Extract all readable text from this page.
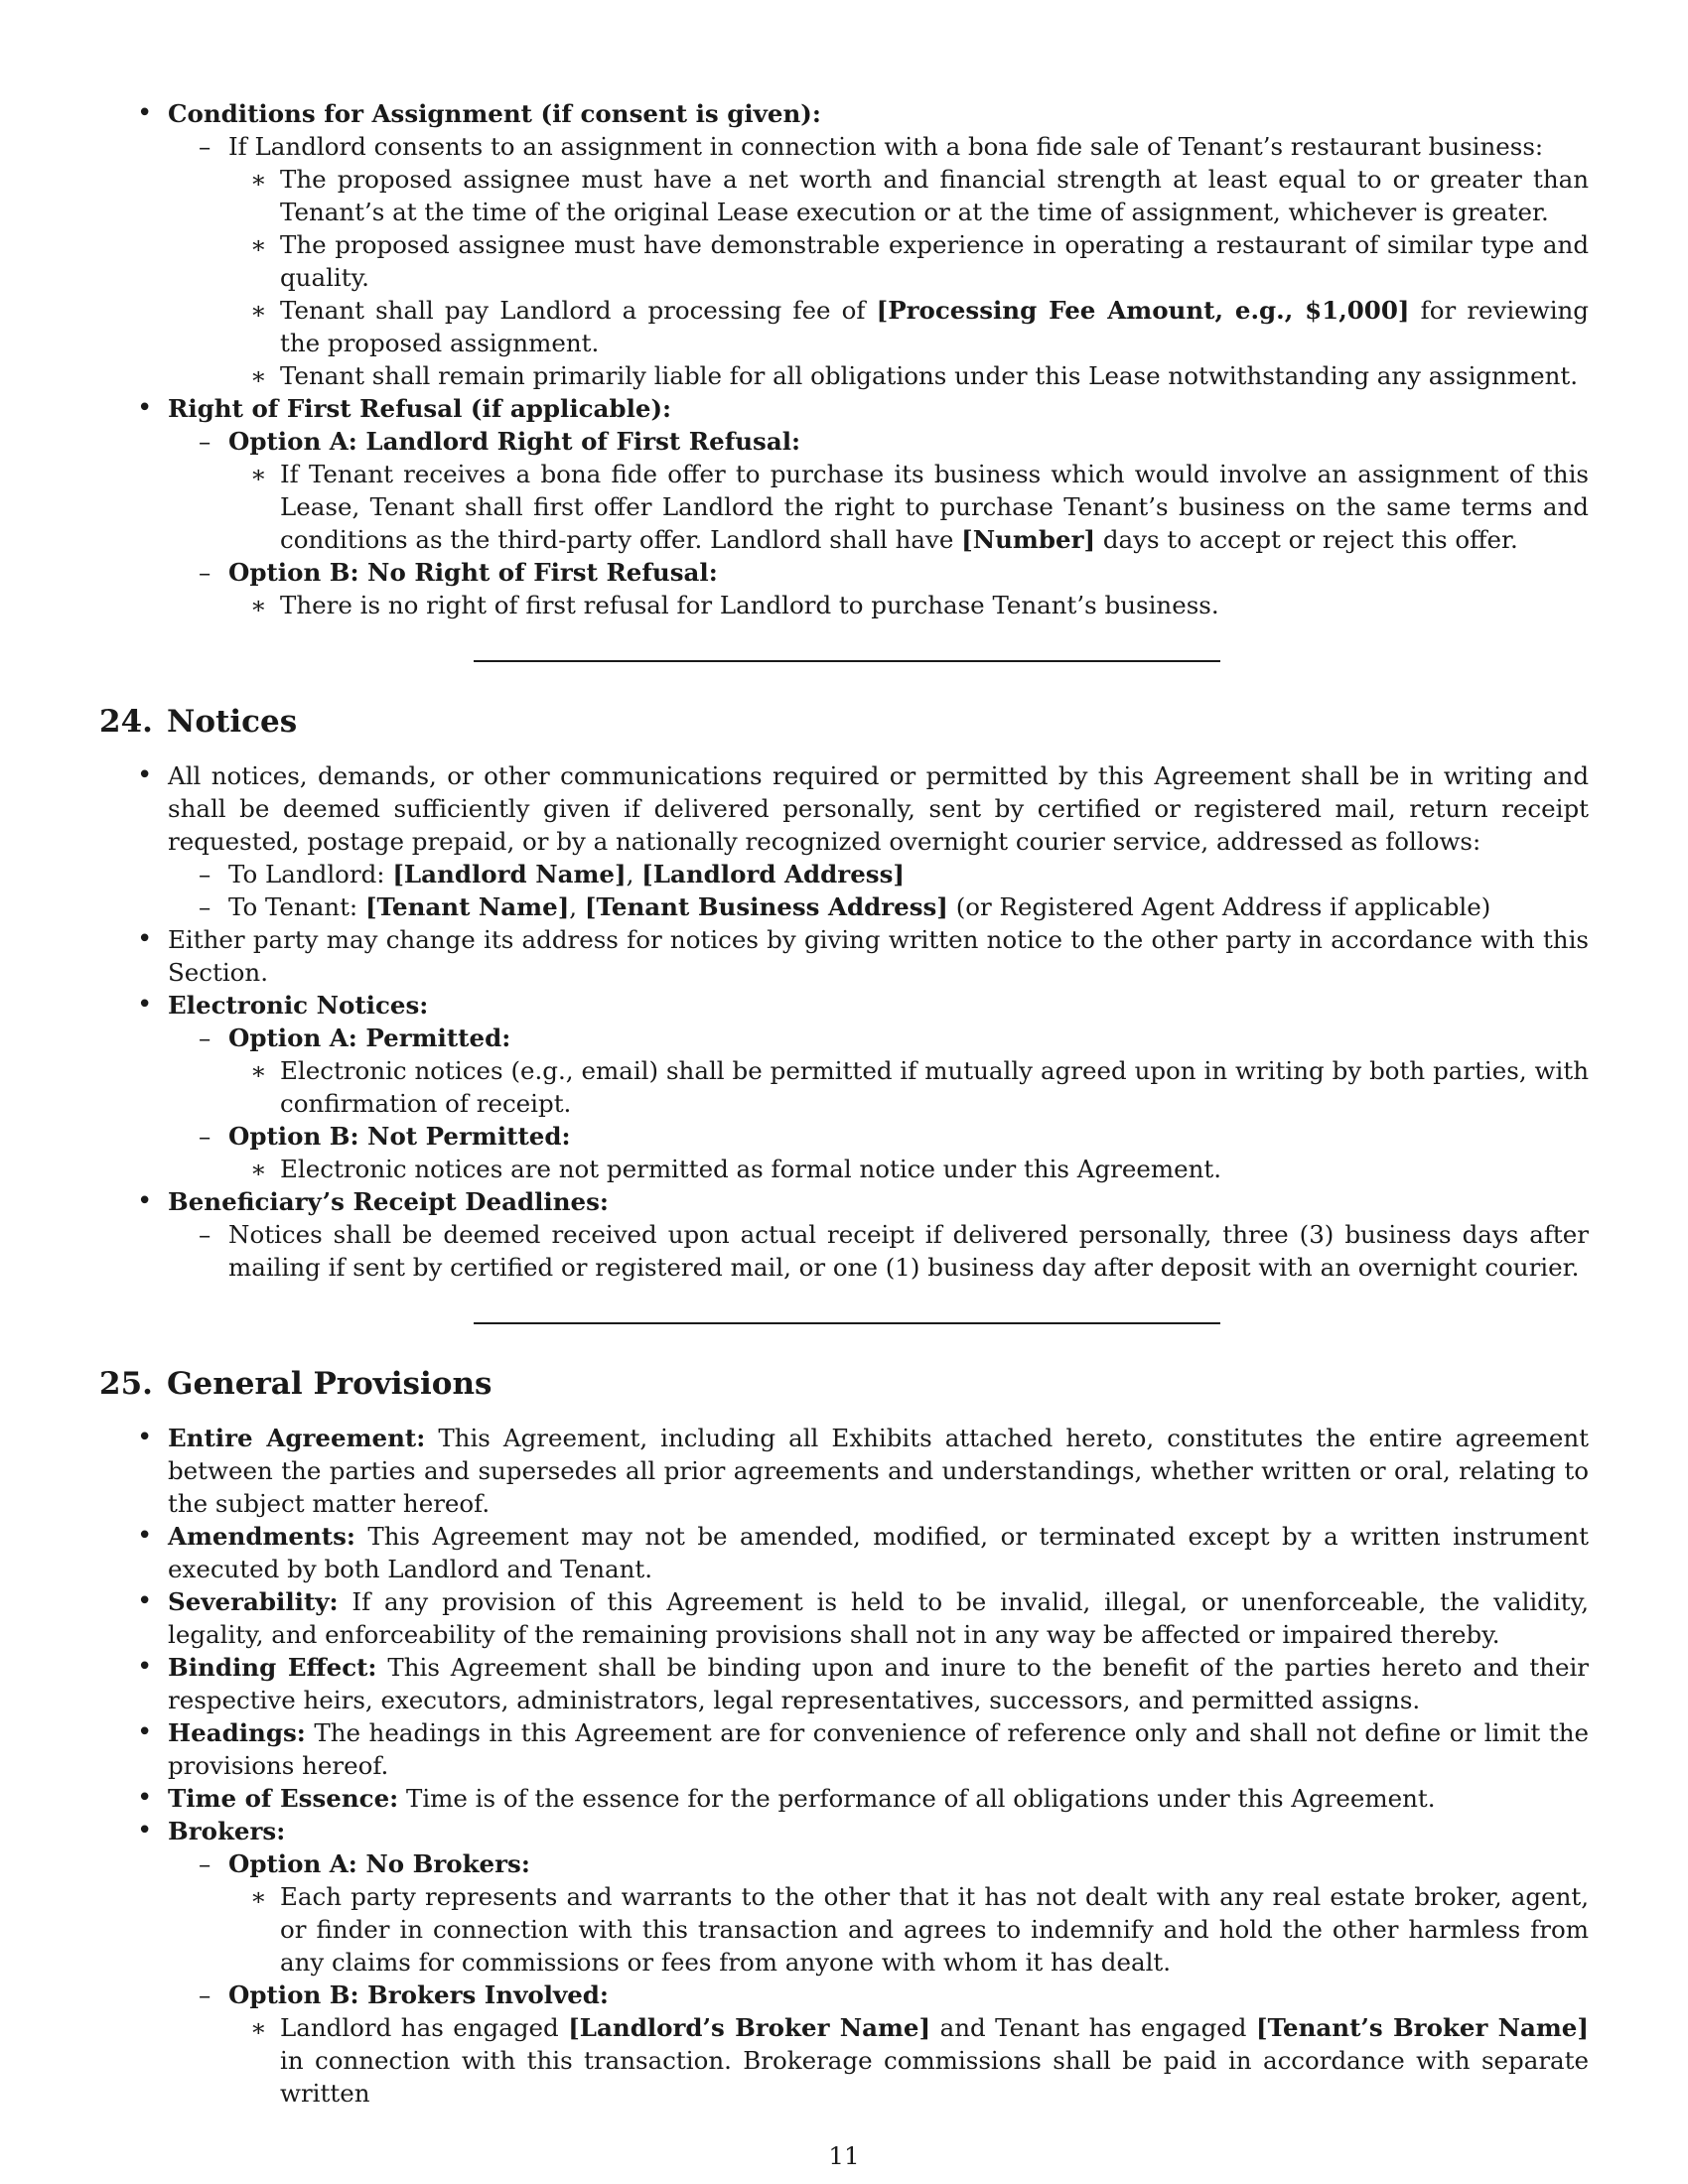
• Conditions for Assignment (if consent is given):

– If Landlord consents to an assignment in connection with a bona fide sale of Tenant’s restaurant business:

∗ The proposed assignee must have a net worth and financial strength at least equal to or greater than Tenant’s at the time of the original Lease execution or at the time of assignment, whichever is greater.

∗ The proposed assignee must have demonstrable experience in operating a restaurant of similar type and quality.

∗ Tenant shall pay Landlord a processing fee of [Processing Fee Amount, e.g., $1,000] for reviewing the proposed assignment.

∗ Tenant shall remain primarily liable for all obligations under this Lease notwithstanding any assignment.

• Right of First Refusal (if applicable):

– Option A: Landlord Right of First Refusal:

∗ If Tenant receives a bona fide offer to purchase its business which would involve an assignment of this Lease, Tenant shall first offer Landlord the right to purchase Tenant’s business on the same terms and conditions as the third-party offer. Landlord shall have [Number] days to accept or reject this offer.

– Option B: No Right of First Refusal:

∗ There is no right of first refusal for Landlord to purchase Tenant’s business.

24. Notices

• All notices, demands, or other communications required or permitted by this Agreement shall be in writing and shall be deemed sufficiently given if delivered personally, sent by certified or registered mail, return receipt requested, postage prepaid, or by a nationally recognized overnight courier service, addressed as follows:

– To Landlord: [Landlord Name], [Landlord Address]

– To Tenant: [Tenant Name], [Tenant Business Address] (or Registered Agent Address if applicable)

• Either party may change its address for notices by giving written notice to the other party in accordance with this Section.

• Electronic Notices:

– Option A: Permitted:

∗ Electronic notices (e.g., email) shall be permitted if mutually agreed upon in writing by both parties, with confirmation of receipt.

– Option B: Not Permitted:

∗ Electronic notices are not permitted as formal notice under this Agreement.

• Beneficiary’s Receipt Deadlines:

– Notices shall be deemed received upon actual receipt if delivered personally, three (3) business days after mailing if sent by certified or registered mail, or one (1) business day after deposit with an overnight courier.

25. General Provisions

• Entire Agreement: This Agreement, including all Exhibits attached hereto, constitutes the entire agreement between the parties and supersedes all prior agreements and understandings, whether written or oral, relating to the subject matter hereof.

• Amendments: This Agreement may not be amended, modified, or terminated except by a written instrument executed by both Landlord and Tenant.

• Severability: If any provision of this Agreement is held to be invalid, illegal, or unenforceable, the validity, legality, and enforceability of the remaining provisions shall not in any way be affected or impaired thereby.

• Binding Effect: This Agreement shall be binding upon and inure to the benefit of the parties hereto and their respective heirs, executors, administrators, legal representatives, successors, and permitted assigns.

• Headings: The headings in this Agreement are for convenience of reference only and shall not define or limit the provisions hereof.

• Time of Essence: Time is of the essence for the performance of all obligations under this Agreement.

• Brokers:

– Option A: No Brokers:

∗ Each party represents and warrants to the other that it has not dealt with any real estate broker, agent, or finder in connection with this transaction and agrees to indemnify and hold the other harmless from any claims for commissions or fees from anyone with whom it has dealt.

– Option B: Brokers Involved:

∗ Landlord has engaged [Landlord’s Broker Name] and Tenant has engaged [Tenant’s Broker Name] in connection with this transaction. Brokerage commissions shall be paid in accordance with separate written

11
